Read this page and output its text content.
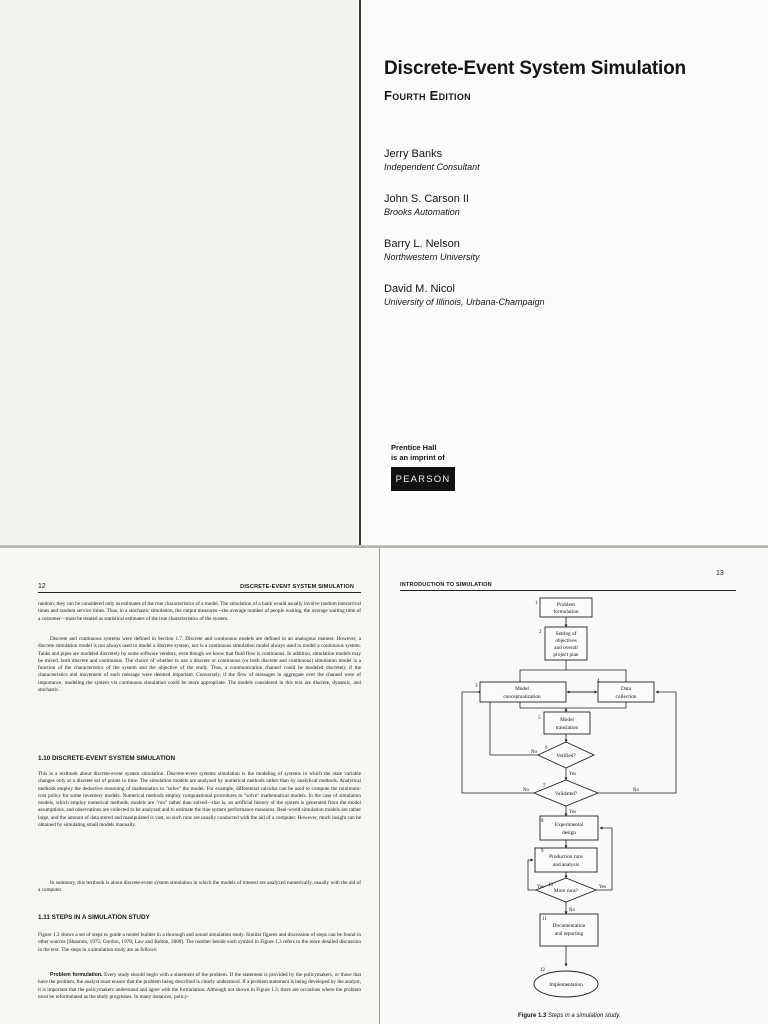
Discrete-Event System Simulation
Fourth Edition
Jerry Banks
Independent Consultant
John S. Carson II
Brooks Automation
Barry L. Nelson
Northwestern University
David M. Nicol
University of Illinois, Urbana-Champaign
Prentice Hall
is an imprint of
PEARSON
12	DISCRETE-EVENT SYSTEM SIMULATION
random, they can be considered only as estimates of the true characteristics of a model. The simulation of a bank would usually involve random interarrival times and random service times. Thus, in a stochastic simulation, the output measures—the average number of people waiting, the average waiting time of a customer—must be treated as statistical estimates of the true characteristics of the system.
Discrete and continuous systems were defined in Section 1.7. Discrete and continuous models are defined in an analogous manner. However, a discrete simulation model is not always used to model a discrete system, nor is a continuous simulation model always used to model a continuous system. Tanks and pipes are modeled discretely by some software vendors, even though we know that fluid flow is continuous. In addition, simulation models may be mixed, both discrete and continuous. The choice of whether to use a discrete or continuous (or both discrete and continuous) simulation model is a function of the characteristics of the system and the objective of the study. Thus, a communication channel could be modeled discretely if the characteristics and movement of each message were deemed important. Conversely, if the flow of messages in aggregate over the channel were of importance, modeling the system via continuous simulation could be more appropriate. The models considered in this text are discrete, dynamic, and stochastic.
1.10 DISCRETE-EVENT SYSTEM SIMULATION
This is a textbook about discrete-event system simulation. Discrete-event systems simulation is the modeling of systems in which the state variable changes only at a discrete set of points in time. The simulation models are analyzed by numerical methods rather than by analytical methods. Analytical methods employ the deductive reasoning of mathematics to "solve" the model. For example, differential calculus can be used to compute the minimum-cost policy for some inventory models. Numerical methods employ computational procedures to "solve" mathematical models. In the case of simulation models, which employ numerical methods, models are "run" rather than solved—that is, an artificial history of the system is generated from the model assumptions, and observations are collected to be analyzed and to estimate the true system performance measures. Real-world simulation models are rather large, and the amount of data stored and manipulated is vast, so such runs are usually conducted with the aid of a computer. However, much insight can be obtained by simulating small models manually.
In summary, this textbook is about discrete-event system simulation in which the models of interest are analyzed numerically, usually with the aid of a computer.
1.11 STEPS IN A SIMULATION STUDY
Figure 1.3 shows a set of steps to guide a model builder in a thorough and sound simulation study. Similar figures and discussion of steps can be found in other sources [Shannon, 1975; Gordon, 1978; Law and Kelton, 2000]. The number beside each symbol in Figure 1.3 refers to the more detailed discussion in the text. The steps in a simulation study are as follows:
Problem formulation. Every study should begin with a statement of the problem. If the statement is provided by the policymakers, or those that have the problem, the analyst must ensure that the problem being described is clearly understood. If a problem statement is being developed by the analyst, it is important that the policymakers understand and agree with the formulation. Although not shown in Figure 1.3, there are occasions where the problem must be reformulated as the study progresses. In many instances, policy-
INTRODUCTION TO SIMULATION
13
Problem
formulation
Setting of
objectives
and overall
project plan
Model
conceptualization
Data
collection
Model
translation
Verified?
Validated?
Experimental
design
Production runs
and analysis
More runs?
Documentation
and reporting
Implementation
1
2
3
4
5
6
7
8
9
10
11
12
No
Yes
No	No
Yes
Yes	Yes
No
Figure 1.3 Steps in a simulation study.
